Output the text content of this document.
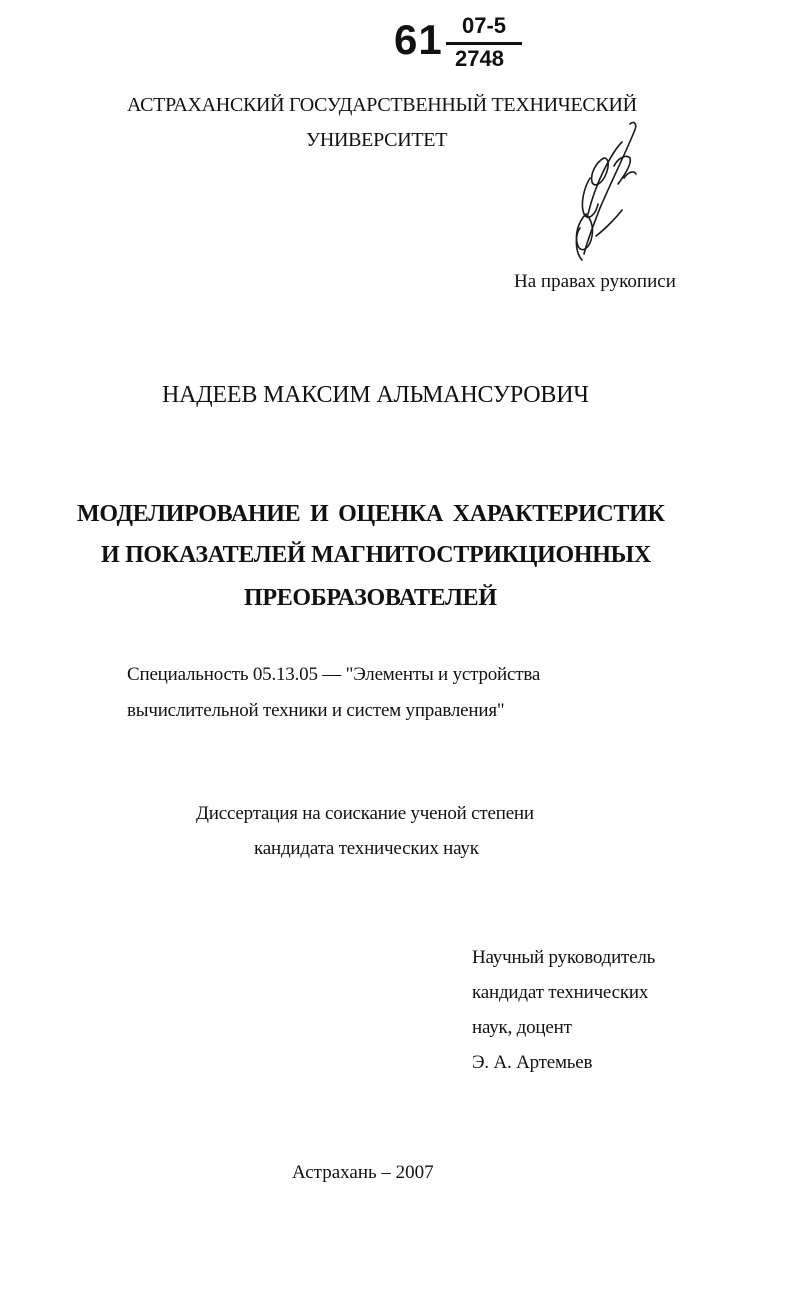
61 07-5
2748
АСТРАХАНСКИЙ ГОСУДАРСТВЕННЫЙ ТЕХНИЧЕСКИЙ
УНИВЕРСИТЕТ
На правах рукописи
НАДЕЕВ МАКСИМ АЛЬМАНСУРОВИЧ
МОДЕЛИРОВАНИЕ И ОЦЕНКА ХАРАКТЕРИСТИК
И ПОКАЗАТЕЛЕЙ МАГНИТОСТРИКЦИОННЫХ
ПРЕОБРАЗОВАТЕЛЕЙ
Специальность 05.13.05 — "Элементы и устройства
вычислительной техники и систем управления"
Диссертация на соискание ученой степени
кандидата технических наук
Научный руководитель
кандидат технических
наук, доцент
Э. А. Артемьев
Астрахань – 2007
